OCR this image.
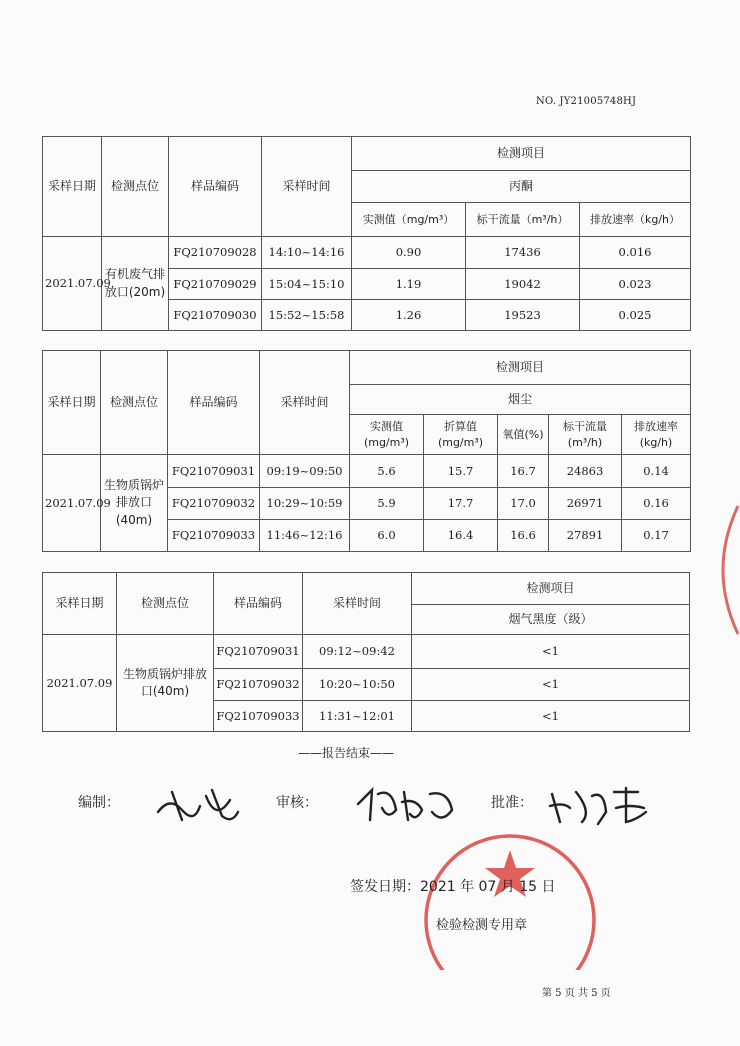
NO. JY21005748HJ
采样日期	检测点位	样品编码	采样时间	检测项目		
				丙酮		
				实测值（mg/m³）	标干流量（m³/h）	排放速率（kg/h）
2021.07.09	有机废气排放口(20m)	FQ210709028	14:10~14:16	0.90	17436	0.016
		FQ210709029	15:04~15:10	1.19	19042	0.023
		FQ210709030	15:52~15:58	1.26	19523	0.025
采样日期	检测点位	样品编码	采样时间	检测项目				
				烟尘				
				实测值(mg/m³)	折算值(mg/m³)	氧值(%)	标干流量(m³/h)	排放速率(kg/h)
2021.07.09	生物质锅炉排放口(40m)	FQ210709031	09:19~09:50	5.6	15.7	16.7	24863	0.14
		FQ210709032	10:29~10:59	5.9	17.7	17.0	26971	0.16
		FQ210709033	11:46~12:16	6.0	16.4	16.6	27891	0.17
采样日期	检测点位	样品编码	采样时间	检测项目
				烟气黑度（级）
2021.07.09	生物质锅炉排放口(40m)	FQ210709031	09:12~09:42	<1
		FQ210709032	10:20~10:50	<1
		FQ210709033	11:31~12:01	<1
——报告结束——
编制：	审核：	批准：
签发日期：2021 年 07 月 15 日
检验检测专用章
第 5 页 共 5 页
